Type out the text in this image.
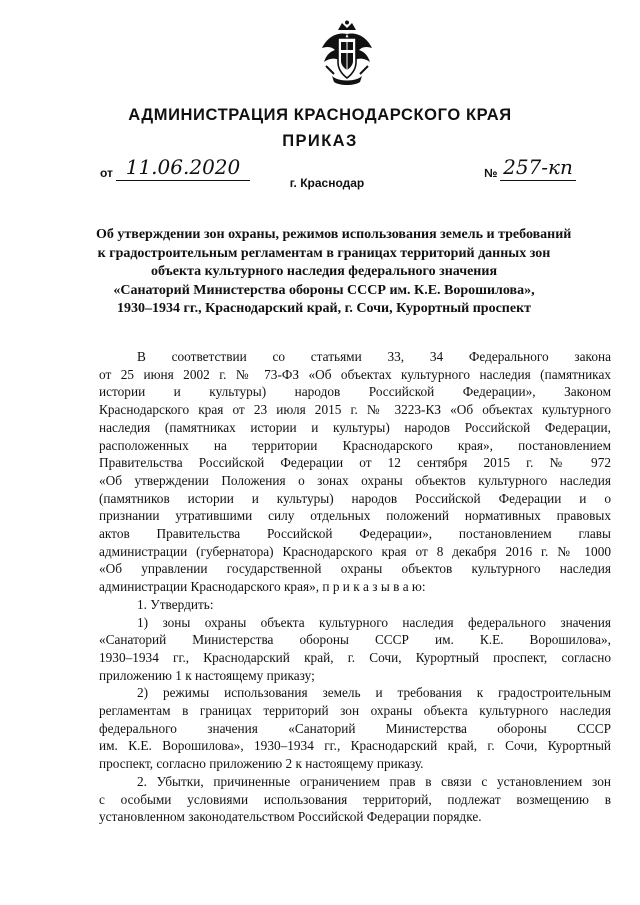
АДМИНИСТРАЦИЯ КРАСНОДАРСКОГО КРАЯ
ПРИКАЗ
от 11.06.2020
г. Краснодар
№ 257-кп
Об утверждении зон охраны, режимов использования земель и требований
к градостроительным регламентам в границах территорий данных зон
объекта культурного наследия федерального значения
«Санаторий Министерства обороны СССР им. К.Е. Ворошилова»,
1930–1934 гг., Краснодарский край, г. Сочи, Курортный проспект
В соответствии со статьями 33, 34 Федерального закона
от 25 июня 2002 г. № 73-ФЗ «Об объектах культурного наследия (памятниках
истории и культуры) народов Российской Федерации», Законом
Краснодарского края от 23 июля 2015 г. № 3223-КЗ «Об объектах культурного
наследия (памятниках истории и культуры) народов Российской Федерации,
расположенных на территории Краснодарского края», постановлением
Правительства Российской Федерации от 12 сентября 2015 г. № 972
«Об утверждении Положения о зонах охраны объектов культурного наследия
(памятников истории и культуры) народов Российской Федерации и о
признании утратившими силу отдельных положений нормативных правовых
актов Правительства Российской Федерации», постановлением главы
администрации (губернатора) Краснодарского края от 8 декабря 2016 г. № 1000
«Об управлении государственной охраны объектов культурного наследия
администрации Краснодарского края», п р и к а з ы в а ю:
1. Утвердить:
1) зоны охраны объекта культурного наследия федерального значения
«Санаторий Министерства обороны СССР им. К.Е. Ворошилова»,
1930–1934 гг., Краснодарский край, г. Сочи, Курортный проспект, согласно
приложению 1 к настоящему приказу;
2) режимы использования земель и требования к градостроительным
регламентам в границах территорий зон охраны объекта культурного наследия
федерального значения «Санаторий Министерства обороны СССР
им. К.Е. Ворошилова», 1930–1934 гг., Краснодарский край, г. Сочи, Курортный
проспект, согласно приложению 2 к настоящему приказу.
2. Убытки, причиненные ограничением прав в связи с установлением зон
с особыми условиями использования территорий, подлежат возмещению в
установленном законодательством Российской Федерации порядке.
